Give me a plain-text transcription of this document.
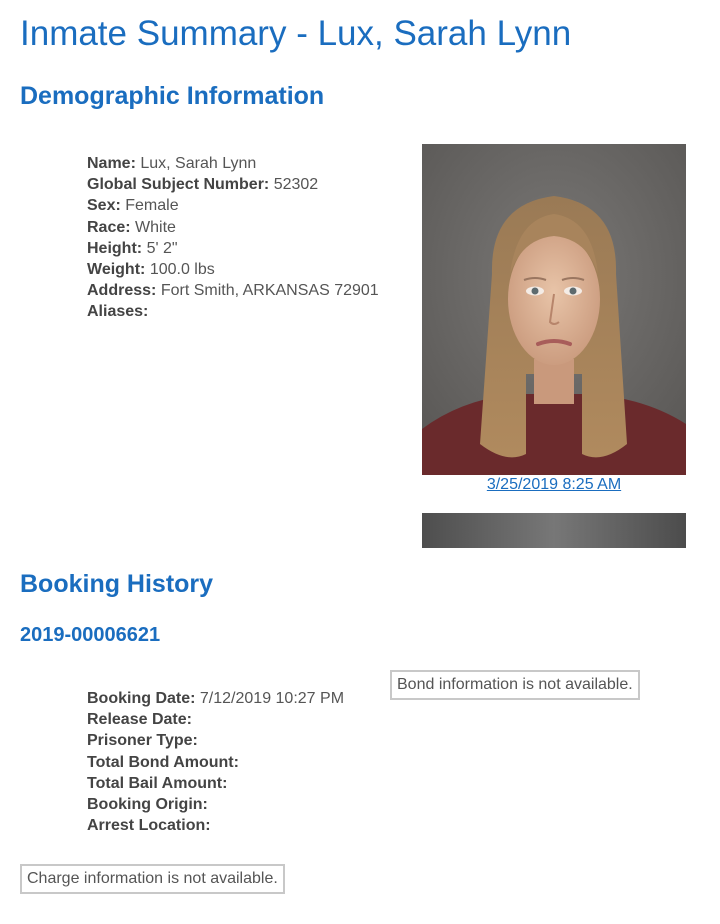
Inmate Summary - Lux, Sarah Lynn
Demographic Information
Name: Lux, Sarah Lynn
Global Subject Number: 52302
Sex: Female
Race: White
Height: 5' 2"
Weight: 100.0 lbs
Address: Fort Smith, ARKANSAS 72901
Aliases:
3/25/2019 8:25 AM
Booking History
2019-00006621
Bond information is not available.
Booking Date: 7/12/2019 10:27 PM
Release Date:
Prisoner Type:
Total Bond Amount:
Total Bail Amount:
Booking Origin:
Arrest Location:
Charge information is not available.
